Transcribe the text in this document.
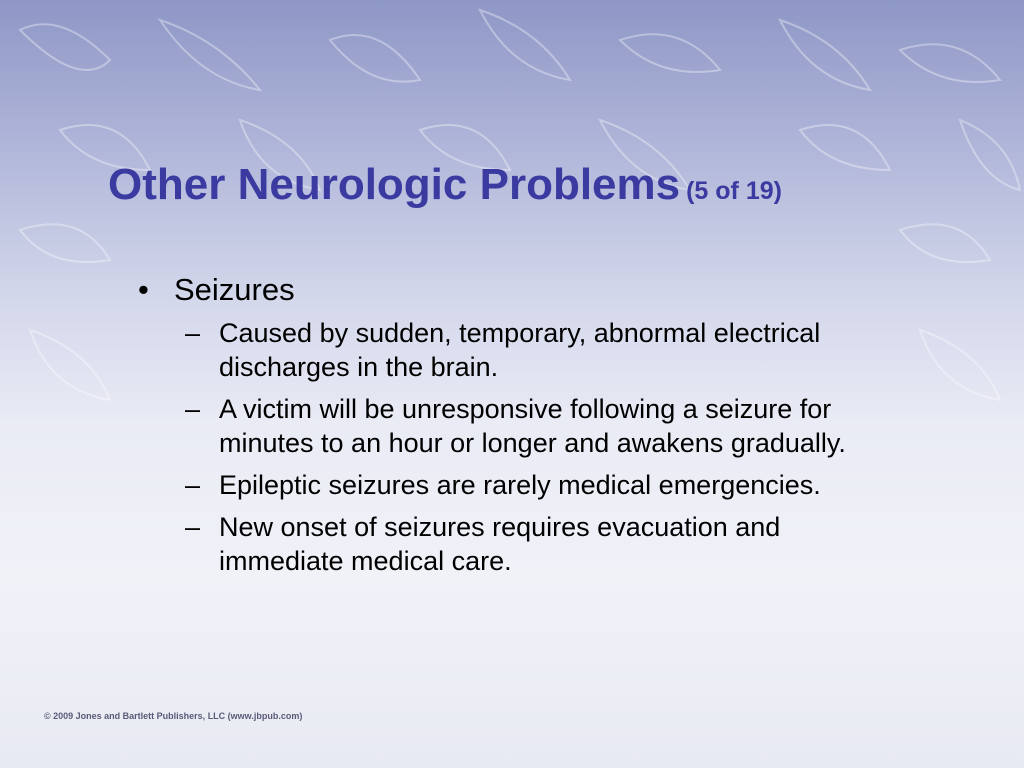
Other Neurologic Problems (5 of 19)
• Seizures
– Caused by sudden, temporary, abnormal electrical discharges in the brain.
– A victim will be unresponsive following a seizure for minutes to an hour or longer and awakens gradually.
– Epileptic seizures are rarely medical emergencies.
– New onset of seizures requires evacuation and immediate medical care.

© 2009 Jones and Bartlett Publishers, LLC (www.jbpub.com)
